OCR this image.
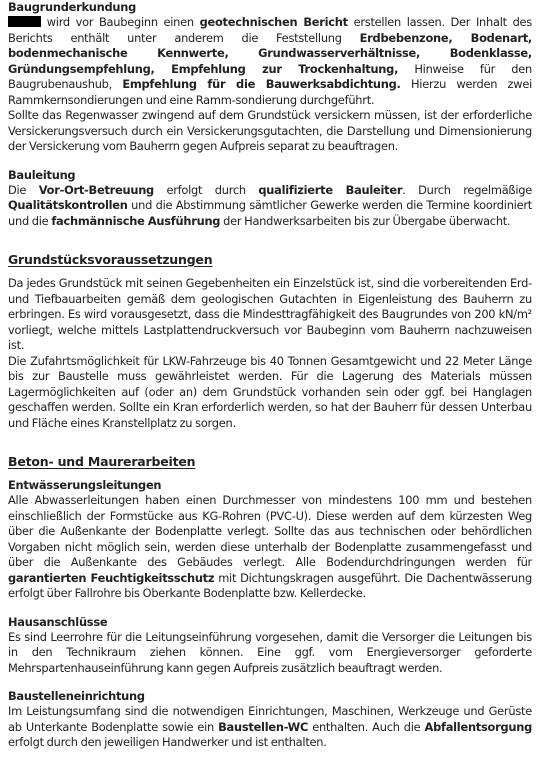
Baugrunderkundung

wird vor Baubeginn einen geotechnischen Bericht erstellen lassen. Der Inhalt des Berichts enthält unter anderem die Feststellung Erdbebenzone, Bodenart, bodenmechanische Kennwerte, Grundwasserverhältnisse, Bodenklasse, Gründungsempfehlung, Empfehlung zur Trockenhaltung, Hinweise für den Baugrubenaushub, Empfehlung für die Bauwerksabdichtung. Hierzu werden zwei Rammkernsondierungen und eine Ramm-sondierung durchgeführt.

Sollte das Regenwasser zwingend auf dem Grundstück versickern müssen, ist der erforderliche Versickerungsversuch durch ein Versickerungsgutachten, die Darstellung und Dimensionierung der Versickerung vom Bauherrn gegen Aufpreis separat zu beauftragen.

Bauleitung

Die Vor-Ort-Betreuung erfolgt durch qualifizierte Bauleiter. Durch regelmäßige Qualitätskontrollen und die Abstimmung sämtlicher Gewerke werden die Termine koordiniert und die fachmännische Ausführung der Handwerksarbeiten bis zur Übergabe überwacht.

Grundstücksvoraussetzungen

Da jedes Grundstück mit seinen Gegebenheiten ein Einzelstück ist, sind die vorbereitenden Erd- und Tiefbauarbeiten gemäß dem geologischen Gutachten in Eigenleistung des Bauherrn zu erbringen. Es wird vorausgesetzt, dass die Mindesttragfähigkeit des Baugrundes von 200 kN/m² vorliegt, welche mittels Lastplattendruckversuch vor Baubeginn vom Bauherrn nachzuweisen ist.

Die Zufahrtsmöglichkeit für LKW-Fahrzeuge bis 40 Tonnen Gesamtgewicht und 22 Meter Länge bis zur Baustelle muss gewährleistet werden. Für die Lagerung des Materials müssen Lagermöglichkeiten auf (oder an) dem Grundstück vorhanden sein oder ggf. bei Hanglagen geschaffen werden. Sollte ein Kran erforderlich werden, so hat der Bauherr für dessen Unterbau und Fläche eines Kranstellplatz zu sorgen.

Beton- und Maurerarbeiten

Entwässerungsleitungen

Alle Abwasserleitungen haben einen Durchmesser von mindestens 100 mm und bestehen einschließlich der Formstücke aus KG-Rohren (PVC-U). Diese werden auf dem kürzesten Weg über die Außenkante der Bodenplatte verlegt. Sollte das aus technischen oder behördlichen Vorgaben nicht möglich sein, werden diese unterhalb der Bodenplatte zusammengefasst und über die Außenkante des Gebäudes verlegt. Alle Bodendurchdringungen werden für garantierten Feuchtigkeitsschutz mit Dichtungskragen ausgeführt. Die Dachentwässerung erfolgt über Fallrohre bis Oberkante Bodenplatte bzw. Kellerdecke.

Hausanschlüsse

Es sind Leerrohre für die Leitungseinführung vorgesehen, damit die Versorger die Leitungen bis in den Technikraum ziehen können. Eine ggf. vom Energieversorger geforderte Mehrspartenhauseinführung kann gegen Aufpreis zusätzlich beauftragt werden.

Baustelleneinrichtung

Im Leistungsumfang sind die notwendigen Einrichtungen, Maschinen, Werkzeuge und Gerüste ab Unterkante Bodenplatte sowie ein Baustellen-WC enthalten. Auch die Abfallentsorgung erfolgt durch den jeweiligen Handwerker und ist enthalten.
